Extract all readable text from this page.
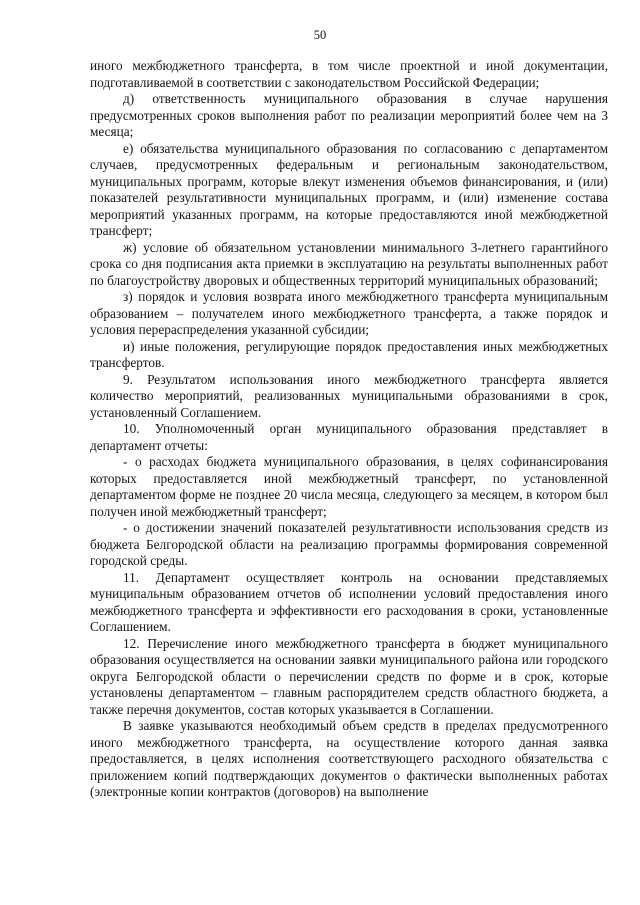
50

иного межбюджетного трансферта, в том числе проектной и иной документации, подготавливаемой в соответствии с законодательством Российской Федерации;

д) ответственность муниципального образования в случае нарушения предусмотренных сроков выполнения работ по реализации мероприятий более чем на 3 месяца;

е) обязательства муниципального образования по согласованию с департаментом случаев, предусмотренных федеральным и региональным законодательством, муниципальных программ, которые влекут изменения объемов финансирования, и (или) показателей результативности муниципальных программ, и (или) изменение состава мероприятий указанных программ, на которые предоставляются иной межбюджетной трансферт;

ж) условие об обязательном установлении минимального 3-летнего гарантийного срока со дня подписания акта приемки в эксплуатацию на результаты выполненных работ по благоустройству дворовых и общественных территорий муниципальных образований;

з) порядок и условия возврата иного межбюджетного трансферта муниципальным образованием – получателем иного межбюджетного трансферта, а также порядок и условия перераспределения указанной субсидии;

и) иные положения, регулирующие порядок предоставления иных межбюджетных трансфертов.

9. Результатом использования иного межбюджетного трансферта является количество мероприятий, реализованных муниципальными образованиями в срок, установленный Соглашением.

10. Уполномоченный орган муниципального образования представляет в департамент отчеты:

- о расходах бюджета муниципального образования, в целях софинансирования которых предоставляется иной межбюджетный трансферт, по установленной департаментом форме не позднее 20 числа месяца, следующего за месяцем, в котором был получен иной межбюджетный трансферт;

- о достижении значений показателей результативности использования средств из бюджета Белгородской области на реализацию программы формирования современной городской среды.

11. Департамент осуществляет контроль на основании представляемых муниципальным образованием отчетов об исполнении условий предоставления иного межбюджетного трансферта и эффективности его расходования в сроки, установленные Соглашением.

12. Перечисление иного межбюджетного трансферта в бюджет муниципального образования осуществляется на основании заявки муниципального района или городского округа Белгородской области о перечислении средств по форме и в срок, которые установлены департаментом – главным распорядителем средств областного бюджета, а также перечня документов, состав которых указывается в Соглашении.

В заявке указываются необходимый объем средств в пределах предусмотренного иного межбюджетного трансферта, на осуществление которого данная заявка предоставляется, в целях исполнения соответствующего расходного обязательства с приложением копий подтверждающих документов о фактически выполненных работах (электронные копии контрактов (договоров) на выполнение
